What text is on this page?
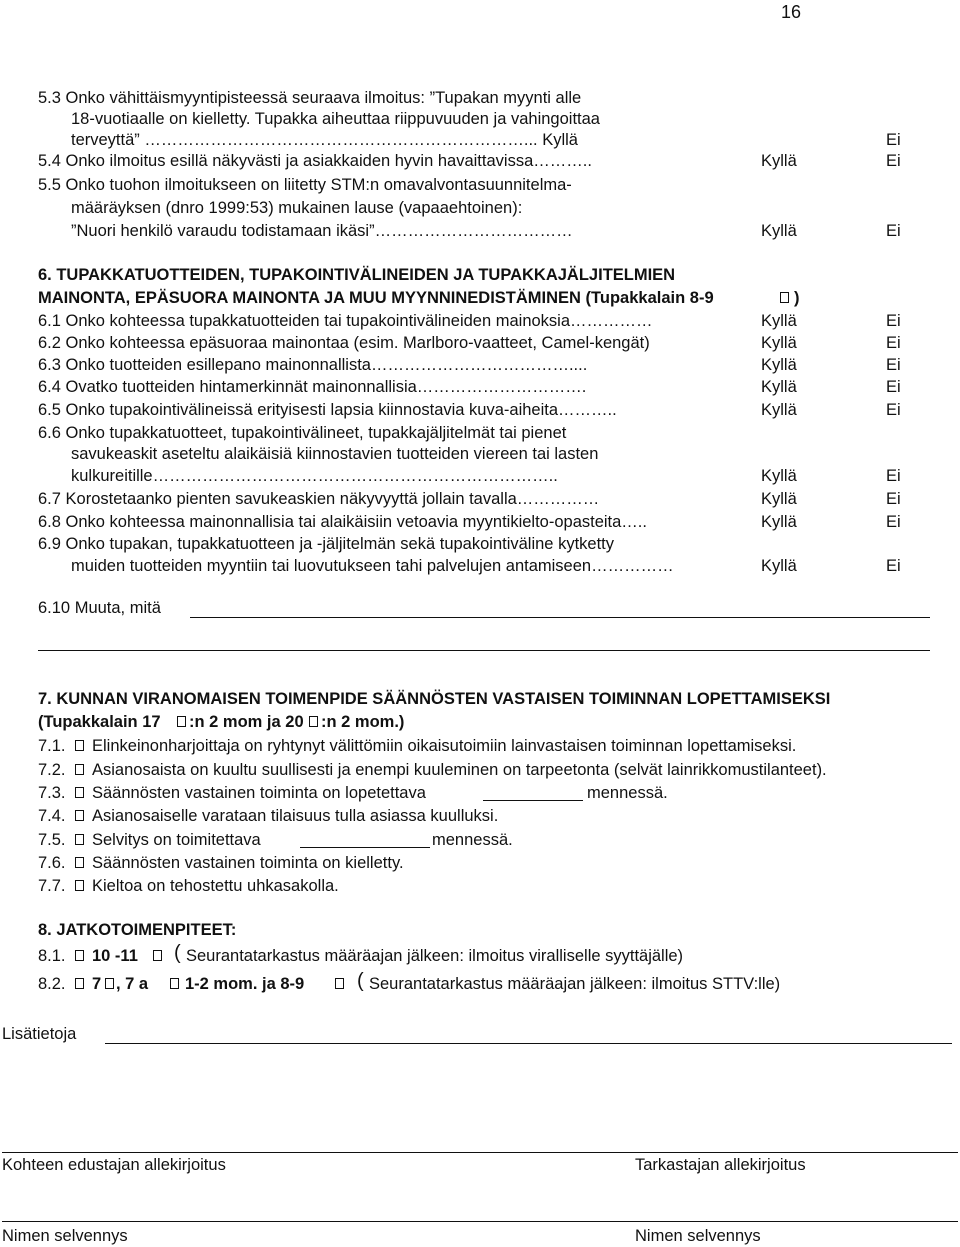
16
5.3 Onko vähittäismyyntipisteessä seuraava ilmoitus: ”Tupakan myynti alle
18-vuotiaalle on kielletty. Tupakka aiheuttaa riippuvuuden ja vahingoittaa
terveyttä” ……………………………………………………………... Kyllä	Ei
5.4 Onko ilmoitus esillä näkyvästi ja asiakkaiden hyvin havaittavissa………..	Kyllä	Ei
5.5 Onko tuohon ilmoitukseen on liitetty STM:n omavalvontasuunnitelma-
määräyksen (dnro 1999:53) mukainen lause (vapaaehtoinen):
”Nuori henkilö varaudu todistamaan ikäsi”………………………………	Kyllä	Ei
6. TUPAKKATUOTTEIDEN, TUPAKOINTIVÄLINEIDEN JA TUPAKKAJÄLJITELMIEN
MAINONTA, EPÄSUORA MAINONTA JA MUU MYYNNINEDISTÄMINEN (Tupakkalain 8-9	)
6.1 Onko kohteessa tupakkatuotteiden tai tupakointivälineiden mainoksia……………	Kyllä	Ei
6.2 Onko kohteessa epäsuoraa mainontaa (esim. Marlboro-vaatteet, Camel-kengät)	Kyllä	Ei
6.3 Onko tuotteiden esillepano mainonnallista………………………………....	Kyllä	Ei
6.4 Ovatko tuotteiden hintamerkinnät mainonnallisia………………………….	Kyllä	Ei
6.5 Onko tupakointivälineissä erityisesti lapsia kiinnostavia kuva-aiheita………..	Kyllä	Ei
6.6 Onko tupakkatuotteet, tupakointivälineet, tupakkajäljitelmät tai pienet
savukeaskit aseteltu alaikäisiä kiinnostavien tuotteiden viereen tai lasten
kulkureitille………………………………………………………………..	Kyllä	Ei
6.7 Korostetaanko pienten savukeaskien näkyvyyttä jollain tavalla……………	Kyllä	Ei
6.8 Onko kohteessa mainonnallisia tai alaikäisiin vetoavia myyntikielto-opasteita…..	Kyllä	Ei
6.9 Onko tupakan, tupakkatuotteen ja -jäljitelmän sekä tupakointiväline kytketty
muiden tuotteiden myyntiin tai luovutukseen tahi palvelujen antamiseen……………	Kyllä	Ei
6.10 Muuta, mitä
7. KUNNAN VIRANOMAISEN TOIMENPIDE SÄÄNNÖSTEN VASTAISEN TOIMINNAN LOPETTAMISEKSI
(Tupakkalain 17 :n 2 mom ja 20 :n 2 mom.)
7.1. Elinkeinonharjoittaja on ryhtynyt välittömiin oikaisutoimiin lainvastaisen toiminnan lopettamiseksi.
7.2. Asianosaista on kuultu suullisesti ja enempi kuuleminen on tarpeetonta (selvät lainrikkomustilanteet).
7.3. Säännösten vastainen toiminta on lopetettava	mennessä.
7.4. Asianosaiselle varataan tilaisuus tulla asiassa kuulluksi.
7.5. Selvitys on toimitettava	mennessä.
7.6. Säännösten vastainen toiminta on kielletty.
7.7. Kieltoa on tehostettu uhkasakolla.
8. JATKOTOIMENPITEET:
8.1. 10 -11 ( Seurantatarkastus määräajan jälkeen: ilmoitus viralliselle syyttäjälle)
8.2. 7 , 7 a 1-2 mom. ja 8-9	( Seurantatarkastus määräajan jälkeen: ilmoitus STTV:lle)
Lisätietoja
Kohteen edustajan allekirjoitus	Tarkastajan allekirjoitus
Nimen selvennys	Nimen selvennys
